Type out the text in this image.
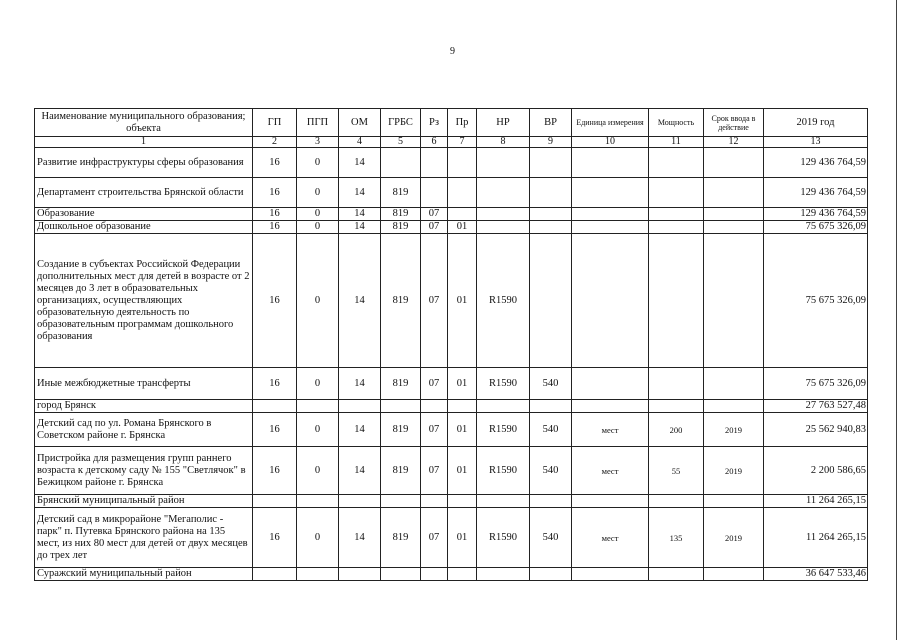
9
Наименование муниципального образования; объекта	ГП	ПГП	ОМ	ГРБС	Рз	Пр	НР	ВР	Единица измерения	Мощность	Срок ввода в действие	2019 год
1	2	3	4	5	6	7	8	9	10	11	12	13
Развитие инфраструктуры сферы образования	16	0	14									129 436 764,59
Департамент строительства Брянской области	16	0	14	819								129 436 764,59
Образование	16	0	14	819	07							129 436 764,59
Дошкольное образование	16	0	14	819	07	01						75 675 326,09
Создание в субъектах Российской Федерации дополнительных мест для детей в возрасте от 2 месяцев до 3 лет в образовательных организациях, осуществляющих образовательную деятельность по образовательным программам дошкольного образования	16	0	14	819	07	01	R1590					75 675 326,09
Иные межбюджетные трансферты	16	0	14	819	07	01	R1590	540				75 675 326,09
город Брянск												27 763 527,48
Детский сад по ул. Романа Брянского в Советском районе г. Брянска	16	0	14	819	07	01	R1590	540	мест	200	2019	25 562 940,83
Пристройка для размещения групп раннего возраста к детскому саду № 155 "Светлячок" в Бежицком районе г. Брянска	16	0	14	819	07	01	R1590	540	мест	55	2019	2 200 586,65
Брянский муниципальный район												11 264 265,15
Детский сад в микрорайоне "Мегаполис - парк" п. Путевка Брянского района на 135 мест, из них 80 мест для детей от двух месяцев до трех лет	16	0	14	819	07	01	R1590	540	мест	135	2019	11 264 265,15
Суражский муниципальный район												36 647 533,46
